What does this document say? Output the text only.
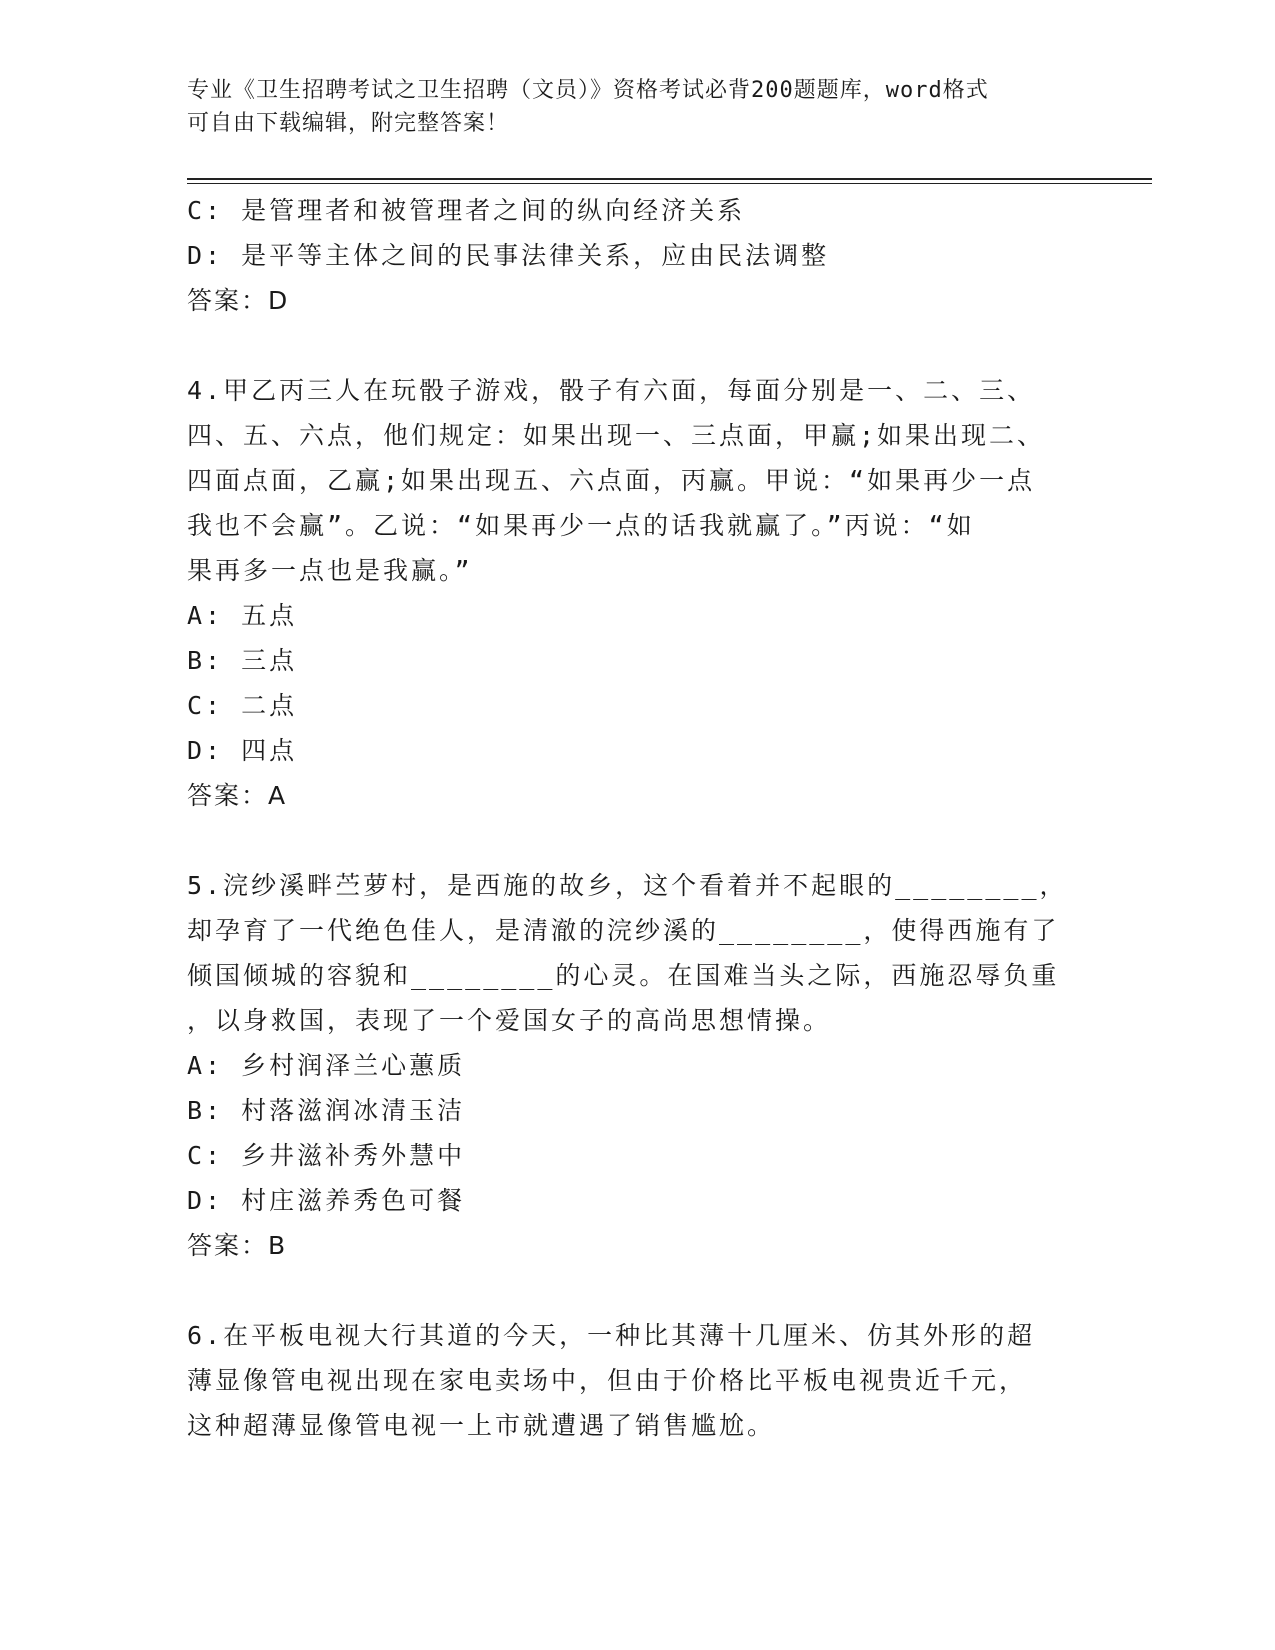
专业《卫生招聘考试之卫生招聘（文员）》资格考试必背200题题库，word格式
可自由下载编辑，附完整答案！
C: 是管理者和被管理者之间的纵向经济关系
D: 是平等主体之间的民事法律关系，应由民法调整
答案：D
4.甲乙丙三人在玩骰子游戏，骰子有六面，每面分别是一、二、三、
四、五、六点，他们规定：如果出现一、三点面，甲赢;如果出现二、
四面点面，乙赢;如果出现五、六点面，丙赢。甲说：“如果再少一点
我也不会赢”。乙说：“如果再少一点的话我就赢了。”丙说：“如
果再多一点也是我赢。”
A: 五点
B: 三点
C: 二点
D: 四点
答案：A
5.浣纱溪畔苎萝村，是西施的故乡，这个看着并不起眼的________，
却孕育了一代绝色佳人，是清澈的浣纱溪的________，使得西施有了
倾国倾城的容貌和________的心灵。在国难当头之际，西施忍辱负重
，以身救国，表现了一个爱国女子的高尚思想情操。
A: 乡村润泽兰心蕙质
B: 村落滋润冰清玉洁
C: 乡井滋补秀外慧中
D: 村庄滋养秀色可餐
答案：B
6.在平板电视大行其道的今天，一种比其薄十几厘米、仿其外形的超
薄显像管电视出现在家电卖场中，但由于价格比平板电视贵近千元，
这种超薄显像管电视一上市就遭遇了销售尴尬。
